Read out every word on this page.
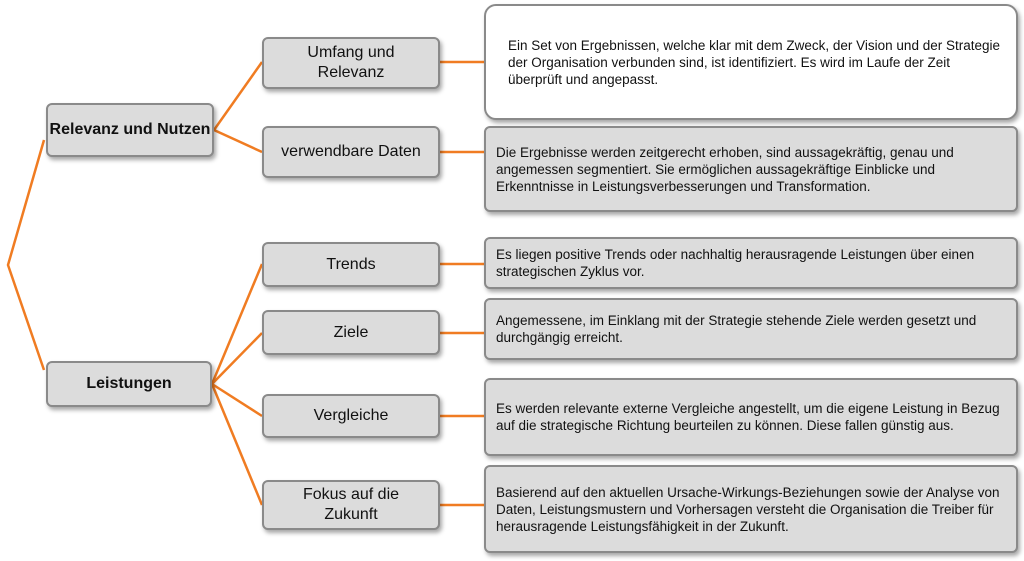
Relevanz und Nutzen
Leistungen
Umfang und Relevanz
verwendbare Daten
Trends
Ziele
Vergleiche
Fokus auf die Zukunft
Ein Set von Ergebnissen, welche klar mit dem Zweck, der Vision und der Strategie der Organisation verbunden sind, ist identifiziert. Es wird im Laufe der Zeit überprüft und angepasst.
Die Ergebnisse werden zeitgerecht erhoben, sind aussagekräftig, genau und angemessen segmentiert. Sie ermöglichen aussagekräftige Einblicke und Erkenntnisse in Leistungsverbesserungen und Transformation.
Es liegen positive Trends oder nachhaltig herausragende Leistungen über einen strategischen Zyklus vor.
Angemessene, im Einklang mit der Strategie stehende Ziele werden gesetzt und durchgängig erreicht.
Es werden relevante externe Vergleiche angestellt, um die eigene Leistung in Bezug auf die strategische Richtung beurteilen zu können. Diese fallen günstig aus.
Basierend auf den aktuellen Ursache-Wirkungs-Beziehungen sowie der Analyse von Daten, Leistungsmustern und Vorhersagen versteht die Organisation die Treiber für herausragende Leistungsfähigkeit in der Zukunft.
